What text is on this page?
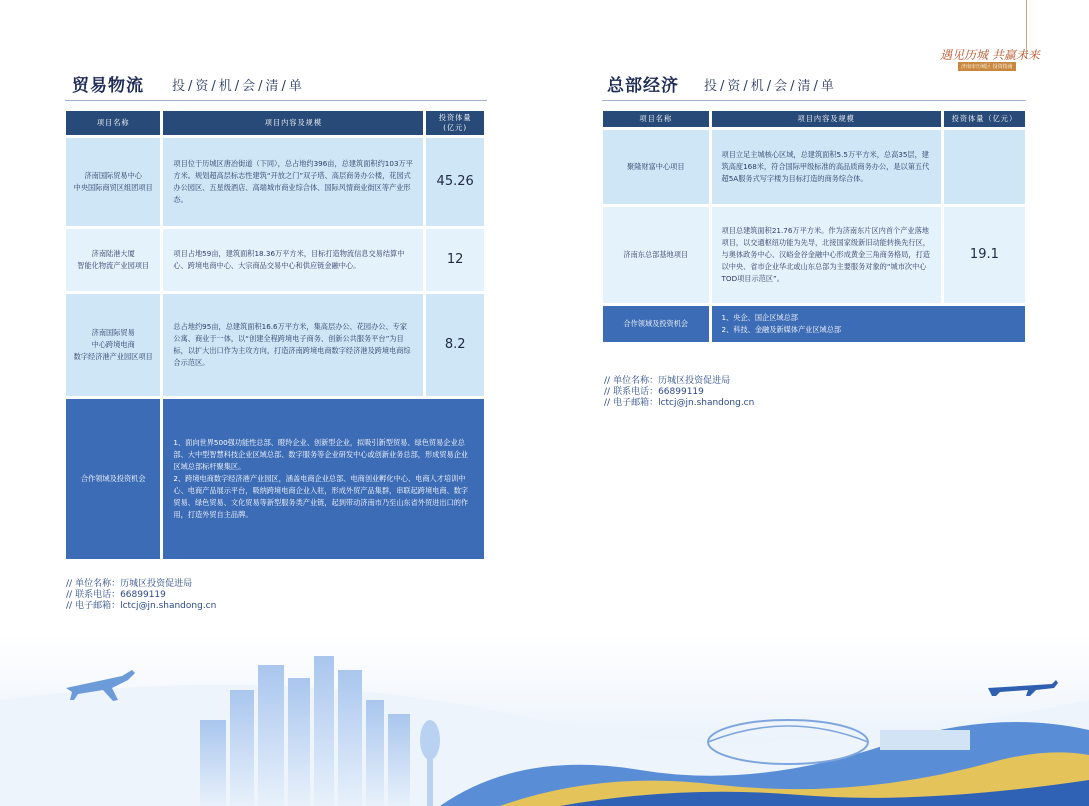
遇见历城 共赢未来
济南市历城区 投资指南
贸易物流 投/资/机/会/清/单
项目名称	项目内容及规模	投资体量
(亿元)
济南国际贸易中心
中央国际商贸区组团项目	项目位于历城区唐冶街道（下同），总占地约396亩，总建筑面积约103万平方米。规划超高层标志性建筑“开放之门”双子塔、高层商务办公楼，花园式办公园区、五星级酒店、高端城市商业综合体、国际风情商业街区等产业形态。	45.26
济南陆港大厦
智能化物流产业园项目	项目占地59亩，建筑面积18.36万平方米，目标打造物流信息交易结算中心、跨境电商中心、大宗商品交易中心和供应链金融中心。	12
济南国际贸易
中心跨境电商
数字经济港产业园区项目	总占地约95亩，总建筑面积16.6万平方米，集高层办公、花园办公、专家公寓、商业于一体，以“创建全程跨境电子商务、创新公共服务平台”为目标，以扩大出口作为主攻方向，打造济南跨境电商数字经济港及跨境电商综合示范区。	8.2
合作领域及投资机会	1、面向世界500强功能性总部、瞪羚企业、创新型企业，拟吸引新型贸易、绿色贸易企业总部、大中型智慧科技企业区域总部、数字服务等企业研发中心或创新业务总部，形成贸易企业区域总部标杆聚集区。
2、跨境电商数字经济港产业园区，涵盖电商企业总部、电商创业孵化中心、电商人才培训中心、电商产品展示平台，吸纳跨境电商企业入驻，形成外贸产品集群，串联起跨境电商、数字贸易、绿色贸易、文化贸易等新型服务类产业链，起到带动济南市乃至山东省外贸进出口的作用，打造外贸自主品牌。	
// 单位名称：历城区投资促进局
// 联系电话：66899119
// 电子邮箱：lctcj@jn.shandong.cn
总部经济 投/资/机/会/清/单
项目名称	项目内容及规模	投资体量（亿元）
聚隆财富中心项目	项目立足主城核心区域，总建筑面积5.5万平方米，总高35层，建筑高度168米，符合国际甲级标准的高品质商务办公，是以第五代超5A服务式写字楼为目标打造的商务综合体。	
济南东总部基地项目	项目总建筑面积21.76万平方米。作为济南东片区内首个产业落地项目，以交通枢纽功能为先导，北接国家级新旧动能转换先行区，与奥体政务中心、汉峪金谷金融中心形成黄金三角商务格局，打造以中央、省市企业华北或山东总部为主要服务对象的“城市次中心TOD项目示范区”。	19.1
合作领域及投资机会	1、央企、国企区域总部
2、科技、金融及新媒体产业区域总部	
// 单位名称：历城区投资促进局
// 联系电话：66899119
// 电子邮箱：lctcj@jn.shandong.cn
